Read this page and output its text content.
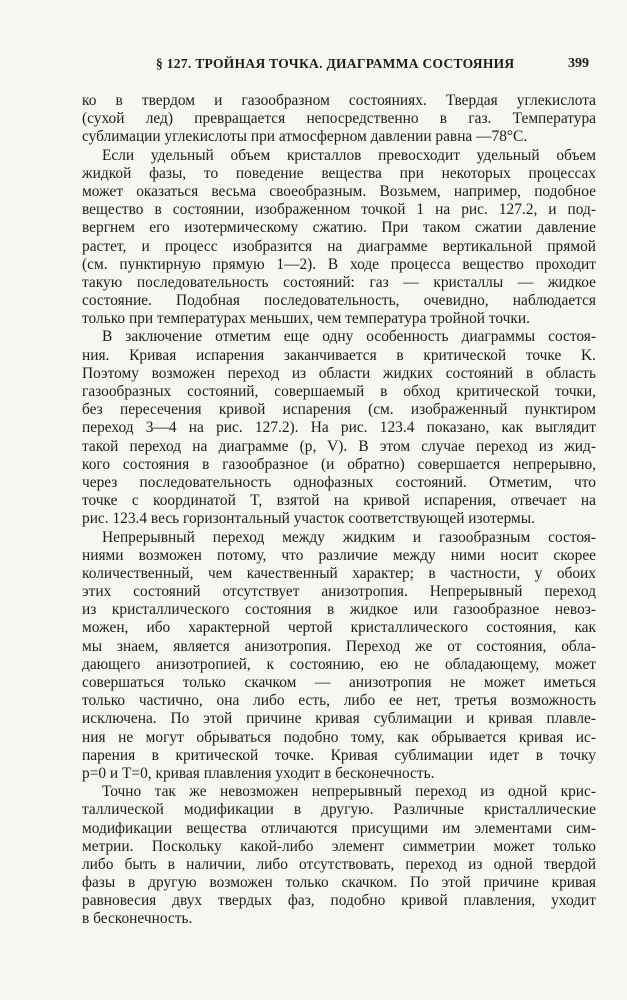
§ 127. ТРОЙНАЯ ТОЧКА. ДИАГРАММА СОСТОЯНИЯ	399
ко в твердом и газообразном состояниях. Твердая углекислота
(сухой лед) превращается непосредственно в газ. Температура
сублимации углекислоты при атмосферном давлении равна —78°C.
Если удельный объем кристаллов превосходит удельный объем
жидкой фазы, то поведение вещества при некоторых процессах
может оказаться весьма своеобразным. Возьмем, например, подобное
вещество в состоянии, изображенном точкой 1 на рис. 127.2, и под-
вергнем его изотермическому сжатию. При таком сжатии давление
растет, и процесс изобразится на диаграмме вертикальной прямой
(см. пунктирную прямую 1—2). В ходе процесса вещество проходит
такую последовательность состояний: газ — кристаллы — жидкое
состояние. Подобная последовательность, очевидно, наблюдается
только при температурах меньших, чем температура тройной точки.
В заключение отметим еще одну особенность диаграммы состоя-
ния. Кривая испарения заканчивается в критической точке K.
Поэтому возможен переход из области жидких состояний в область
газообразных состояний, совершаемый в обход критической точки,
без пересечения кривой испарения (см. изображенный пунктиром
переход 3—4 на рис. 127.2). На рис. 123.4 показано, как выглядит
такой переход на диаграмме (p, V). В этом случае переход из жид-
кого состояния в газообразное (и обратно) совершается непрерывно,
через последовательность однофазных состояний. Отметим, что
точке с координатой T, взятой на кривой испарения, отвечает на
рис. 123.4 весь горизонтальный участок соответствующей изотермы.
Непрерывный переход между жидким и газообразным состоя-
ниями возможен потому, что различие между ними носит скорее
количественный, чем качественный характер; в частности, у обоих
этих состояний отсутствует анизотропия. Непрерывный переход
из кристаллического состояния в жидкое или газообразное невоз-
можен, ибо характерной чертой кристаллического состояния, как
мы знаем, является анизотропия. Переход же от состояния, обла-
дающего анизотропией, к состоянию, ею не обладающему, может
совершаться только скачком — анизотропия не может иметься
только частично, она либо есть, либо ее нет, третья возможность
исключена. По этой причине кривая сублимации и кривая плавле-
ния не могут обрываться подобно тому, как обрывается кривая ис-
парения в критической точке. Кривая сублимации идет в точку
p=0 и T=0, кривая плавления уходит в бесконечность.
Точно так же невозможен непрерывный переход из одной крис-
таллической модификации в другую. Различные кристаллические
модификации вещества отличаются присущими им элементами сим-
метрии. Поскольку какой-либо элемент симметрии может только
либо быть в наличии, либо отсутствовать, переход из одной твердой
фазы в другую возможен только скачком. По этой причине кривая
равновесия двух твердых фаз, подобно кривой плавления, уходит
в бесконечность.
